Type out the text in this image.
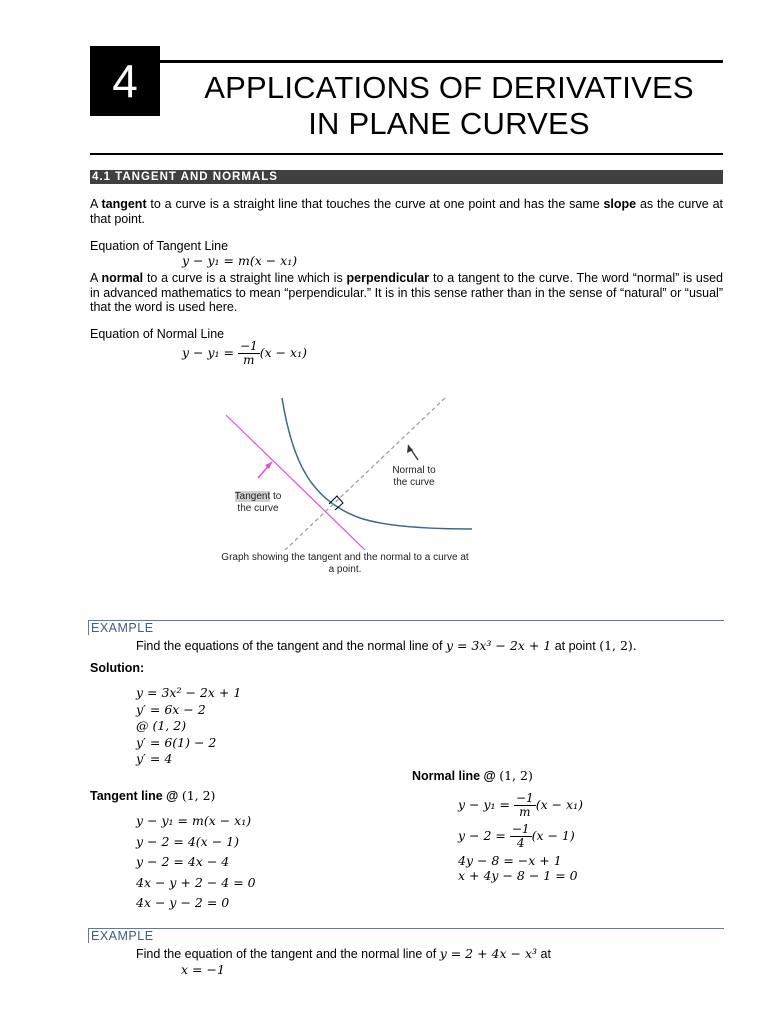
4	APPLICATIONS OF DERIVATIVES
IN PLANE CURVES
4.1 TANGENT AND NORMALS
A tangent to a curve is a straight line that touches the curve at one point and has the same slope as the curve at that point.
Equation of Tangent Line
y − y₁ = m(x − x₁)
A normal to a curve is a straight line which is perpendicular to a tangent to the curve. The word “normal” is used in advanced mathematics to mean “perpendicular.” It is in this sense rather than in the sense of “natural” or “usual” that the word is used here.
Equation of Normal Line
$y - y_1 = \frac{-1}{m} (x - x_1)$
Tangent to
the curve
Normal to
the curve
Graph showing the tangent and the normal to a curve at
a point.
EXAMPLE
Find the equations of the tangent and the normal line of y = 3x³ − 2x + 1 at point (1, 2).
Solution:
y = 3x² − 2x + 1
y′ = 6x − 2
@ (1, 2)
y′ = 6(1) − 2
y′ = 4
Normal line @ (1, 2)
Tangent line @ (1, 2)
y − y₁ = m(x − x₁)
y − 2 = 4(x − 1)
y − 2 = 4x − 4
4x − y + 2 − 4 = 0
4x − y − 2 = 0
$y - y_1 = \frac{-1}{m} (x - x_1)$
$y - 2 = \frac{-1}{4} (x - 1)$
4y − 8 = −x + 1
x + 4y − 8 − 1 = 0
EXAMPLE
Find the equation of the tangent and the normal line of y = 2 + 4x − x³ at
x = −1
